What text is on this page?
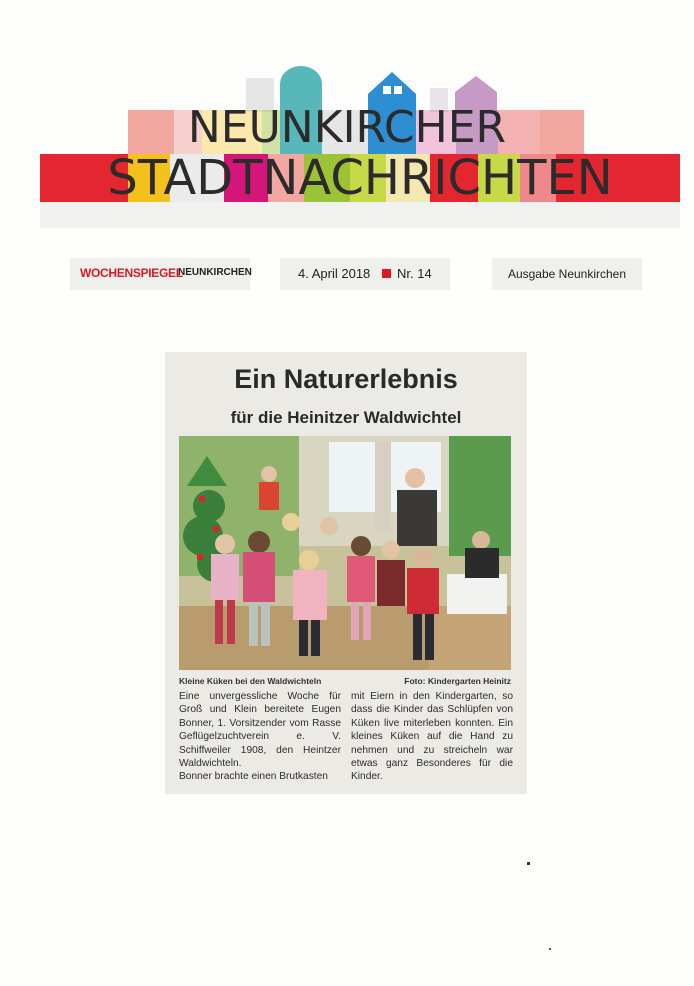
NEUNKIRCHER
STADTNACHRICHTEN
WOCHENSPIEGEL
NEUNKIRCHEN	4. April 2018 Nr. 14	Ausgabe Neunkirchen
Ein Naturerlebnis
für die Heinitzer Waldwichtel
Kleine Küken bei den Waldwichteln	Foto: Kindergarten Heinitz

Eine unvergessliche Woche für Groß und Klein bereitete Eugen Bonner, 1. Vorsitzender vom Rasse Geflügelzuchtverein e. V. Schiffweiler 1908, den Heintzer Waldwichteln.

Bonner brachte einen Brutkasten

mit Eiern in den Kindergarten, so dass die Kinder das Schlüpfen von Küken live miterleben konnten. Ein kleines Küken auf die Hand zu nehmen und zu streicheln war etwas ganz Besonderes für die Kinder.
